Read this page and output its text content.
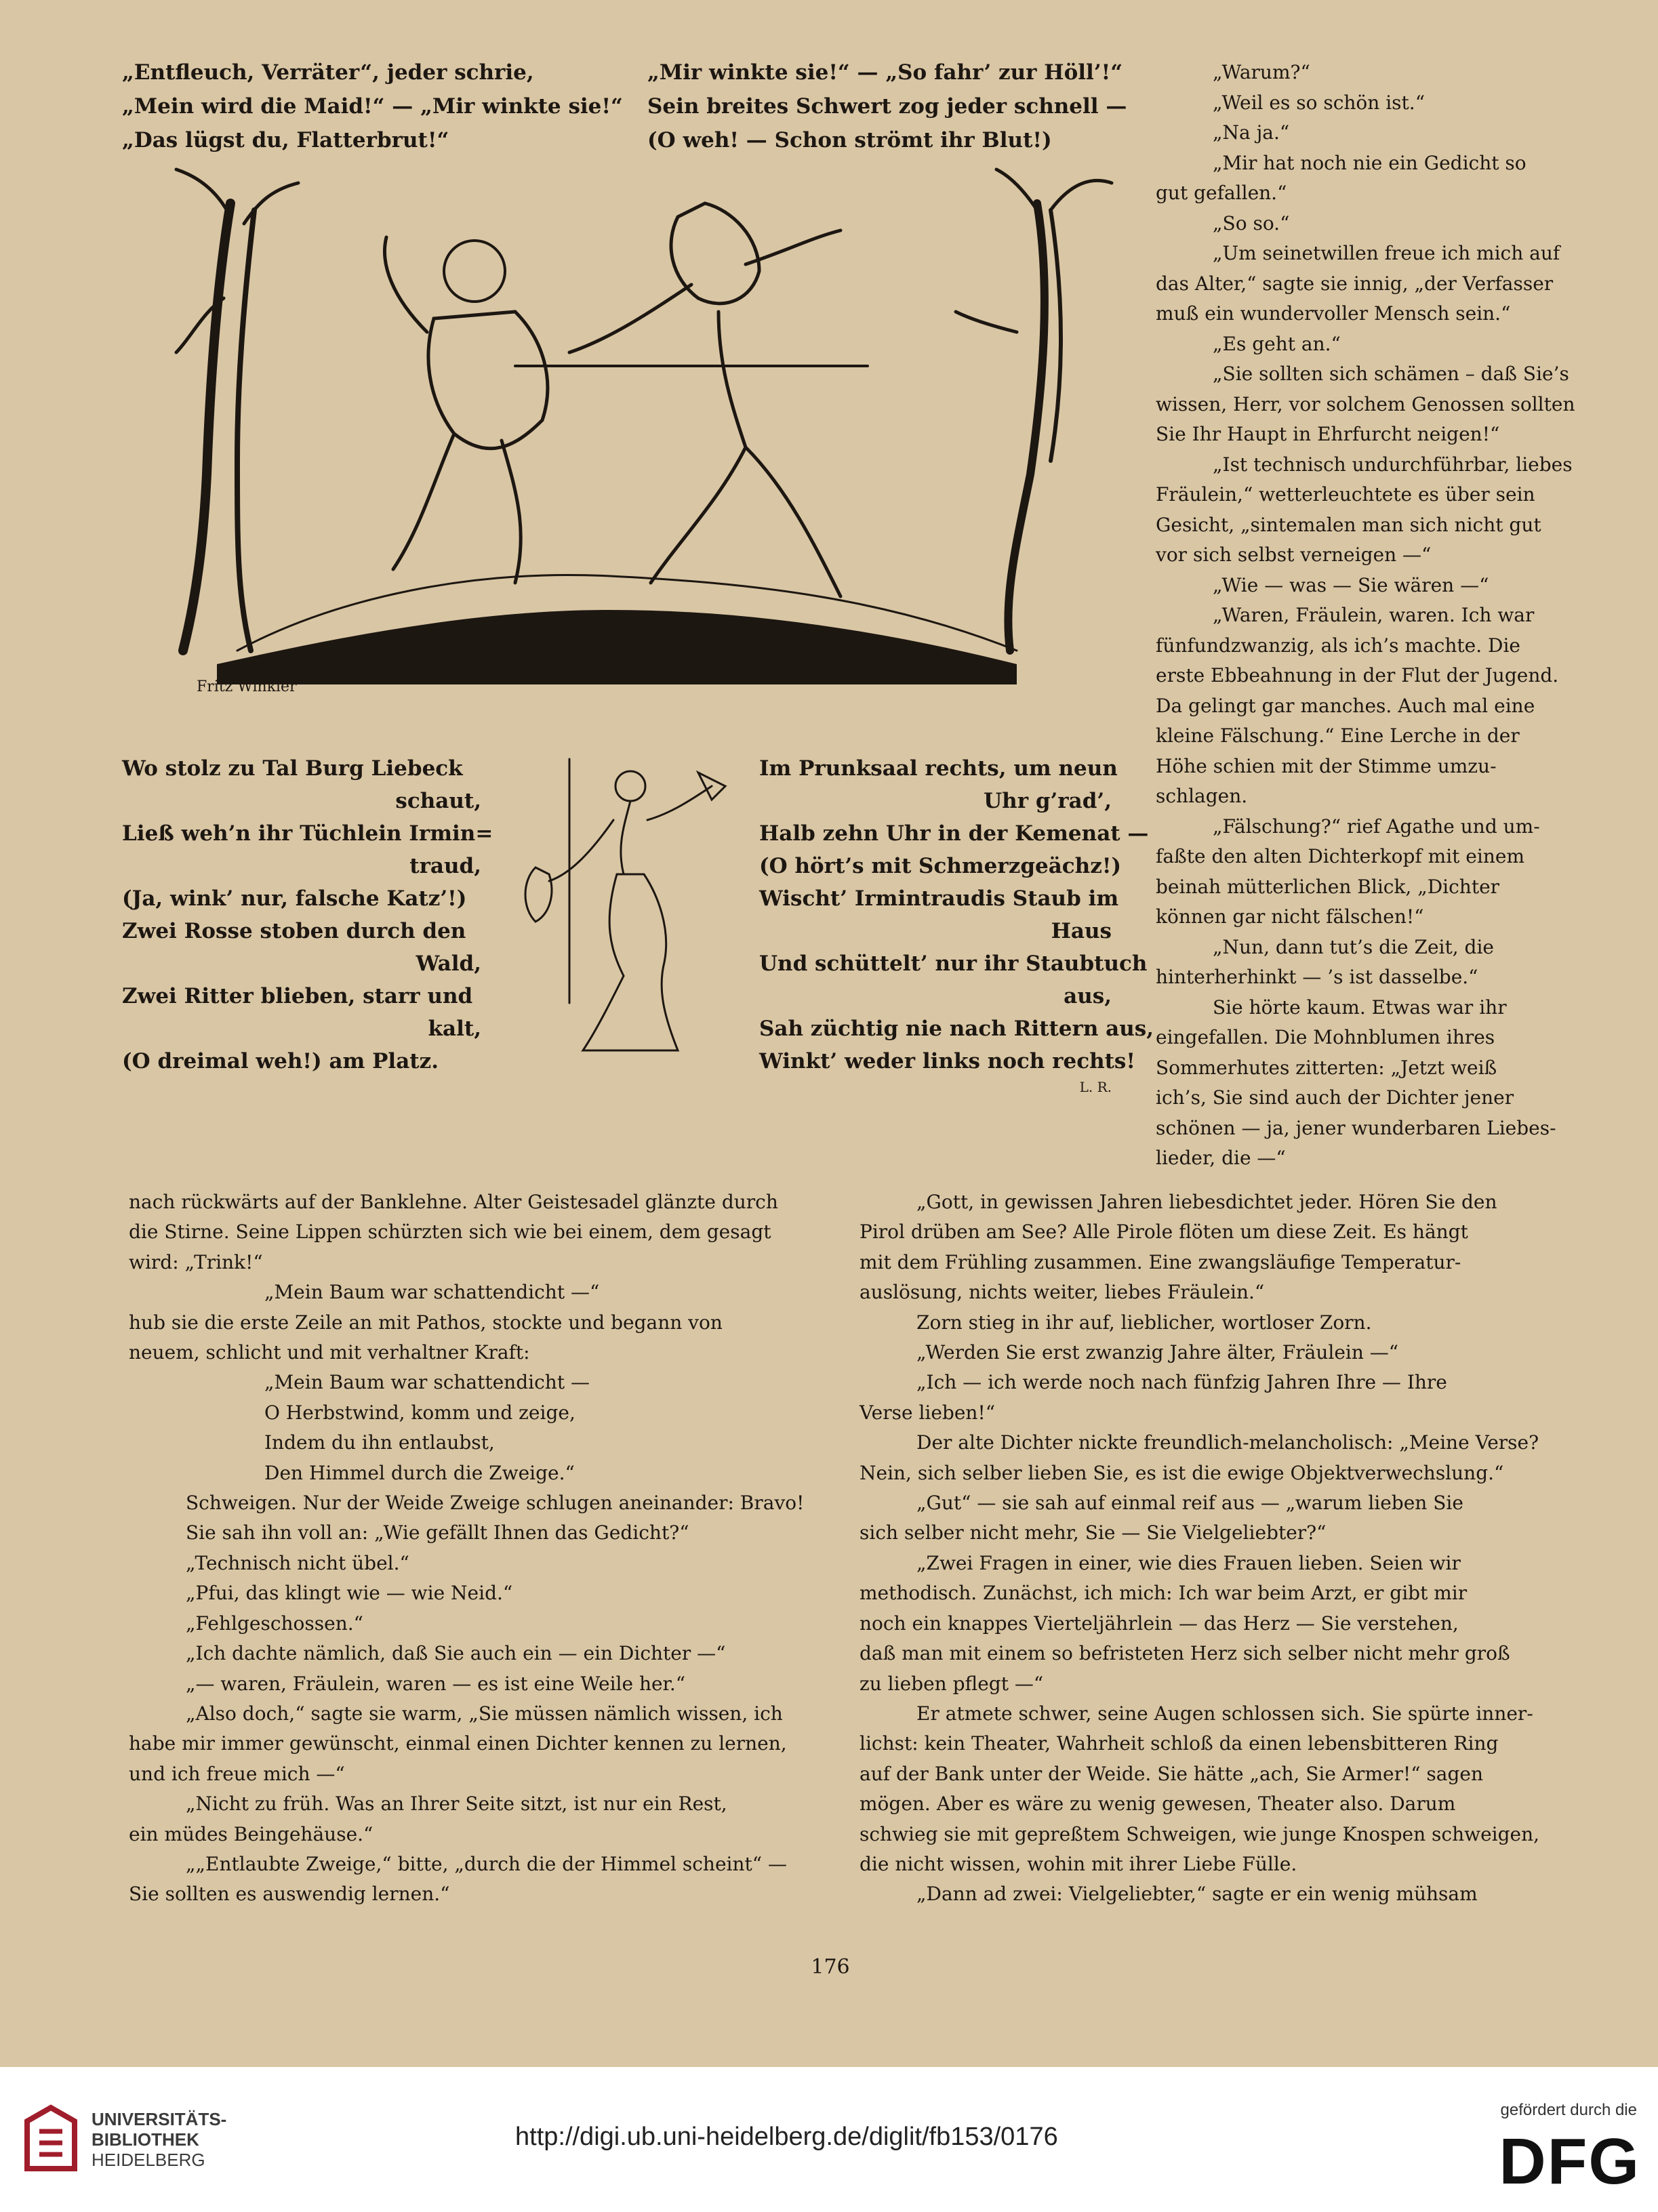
„Entfleuch, Verräter“, jeder schrie,

„Mein wird die Maid!“ — „Mir winkte sie!“

„Das lügst du, Flatterbrut!“

„Mir winkte sie!“ — „So fahr’ zur Höll’!“

Sein breites Schwert zog jeder schnell —

(O weh! — Schon strömt ihr Blut!)

Fritz Winkler

Wo stolz zu Tal Burg Liebeck

schaut,

Ließ weh’n ihr Tüchlein Irmin=

traud,

(Ja, wink’ nur, falsche Katz’!)

Zwei Rosse stoben durch den

Wald,

Zwei Ritter blieben, starr und

kalt,

(O dreimal weh!) am Platz.

Im Prunksaal rechts, um neun

Uhr g’rad’,

Halb zehn Uhr in der Kemenat —

(O hört’s mit Schmerzgeächz!)

Wischt’ Irmintraudis Staub im

Haus

Und schüttelt’ nur ihr Staubtuch

aus,

Sah züchtig nie nach Rittern aus,

Winkt’ weder links noch rechts!

L. R.

„Warum?“

„Weil es so schön ist.“

„Na ja.“

„Mir hat noch nie ein Gedicht so

gut gefallen.“

„So so.“

„Um seinetwillen freue ich mich auf

das Alter,“ sagte sie innig, „der Verfasser

muß ein wundervoller Mensch sein.“

„Es geht an.“

„Sie sollten sich schämen – daß Sie’s

wissen, Herr, vor solchem Genossen sollten

Sie Ihr Haupt in Ehrfurcht neigen!“

„Ist technisch undurchführbar, liebes

Fräulein,“ wetterleuchtete es über sein

Gesicht, „sintemalen man sich nicht gut

vor sich selbst verneigen —“

„Wie — was — Sie wären —“

„Waren, Fräulein, waren. Ich war

fünfundzwanzig, als ich’s machte. Die

erste Ebbeahnung in der Flut der Jugend.

Da gelingt gar manches. Auch mal eine

kleine Fälschung.“ Eine Lerche in der

Höhe schien mit der Stimme umzu-

schlagen.

„Fälschung?“ rief Agathe und um-

faßte den alten Dichterkopf mit einem

beinah mütterlichen Blick, „Dichter

können gar nicht fälschen!“

„Nun, dann tut’s die Zeit, die

hinterherhinkt — ’s ist dasselbe.“

Sie hörte kaum. Etwas war ihr

eingefallen. Die Mohnblumen ihres

Sommerhutes zitterten: „Jetzt weiß

ich’s, Sie sind auch der Dichter jener

schönen — ja, jener wunderbaren Liebes-

lieder, die —“

nach rückwärts auf der Banklehne. Alter Geistesadel glänzte durch

die Stirne. Seine Lippen schürzten sich wie bei einem, dem gesagt

wird: „Trink!“

„Mein Baum war schattendicht —“

hub sie die erste Zeile an mit Pathos, stockte und begann von

neuem, schlicht und mit verhaltner Kraft:

„Mein Baum war schattendicht —

O Herbstwind, komm und zeige,

Indem du ihn entlaubst,

Den Himmel durch die Zweige.“

Schweigen. Nur der Weide Zweige schlugen aneinander: Bravo!

Sie sah ihn voll an: „Wie gefällt Ihnen das Gedicht?“

„Technisch nicht übel.“

„Pfui, das klingt wie — wie Neid.“

„Fehlgeschossen.“

„Ich dachte nämlich, daß Sie auch ein — ein Dichter —“

„— waren, Fräulein, waren — es ist eine Weile her.“

„Also doch,“ sagte sie warm, „Sie müssen nämlich wissen, ich

habe mir immer gewünscht, einmal einen Dichter kennen zu lernen,

und ich freue mich —“

„Nicht zu früh. Was an Ihrer Seite sitzt, ist nur ein Rest,

ein müdes Beingehäuse.“

„„Entlaubte Zweige,“ bitte, „durch die der Himmel scheint“ —

Sie sollten es auswendig lernen.“

„Gott, in gewissen Jahren liebesdichtet jeder. Hören Sie den

Pirol drüben am See? Alle Pirole flöten um diese Zeit. Es hängt

mit dem Frühling zusammen. Eine zwangsläufige Temperatur-

auslösung, nichts weiter, liebes Fräulein.“

Zorn stieg in ihr auf, lieblicher, wortloser Zorn.

„Werden Sie erst zwanzig Jahre älter, Fräulein —“

„Ich — ich werde noch nach fünfzig Jahren Ihre — Ihre

Verse lieben!“

Der alte Dichter nickte freundlich-melancholisch: „Meine Verse?

Nein, sich selber lieben Sie, es ist die ewige Objektverwechslung.“

„Gut“ — sie sah auf einmal reif aus — „warum lieben Sie

sich selber nicht mehr, Sie — Sie Vielgeliebter?“

„Zwei Fragen in einer, wie dies Frauen lieben. Seien wir

methodisch. Zunächst, ich mich: Ich war beim Arzt, er gibt mir

noch ein knappes Vierteljährlein — das Herz — Sie verstehen,

daß man mit einem so befristeten Herz sich selber nicht mehr groß

zu lieben pflegt —“

Er atmete schwer, seine Augen schlossen sich. Sie spürte inner-

lichst: kein Theater, Wahrheit schloß da einen lebensbitteren Ring

auf der Bank unter der Weide. Sie hätte „ach, Sie Armer!“ sagen

mögen. Aber es wäre zu wenig gewesen, Theater also. Darum

schwieg sie mit gepreßtem Schweigen, wie junge Knospen schweigen,

die nicht wissen, wohin mit ihrer Liebe Fülle.

„Dann ad zwei: Vielgeliebter,“ sagte er ein wenig mühsam

176
UNIVERSITÄTS-
BIBLIOTHEK
HEIDELBERG
http://digi.ub.uni-heidelberg.de/diglit/fb153/0176
gefördert durch die
DFG
